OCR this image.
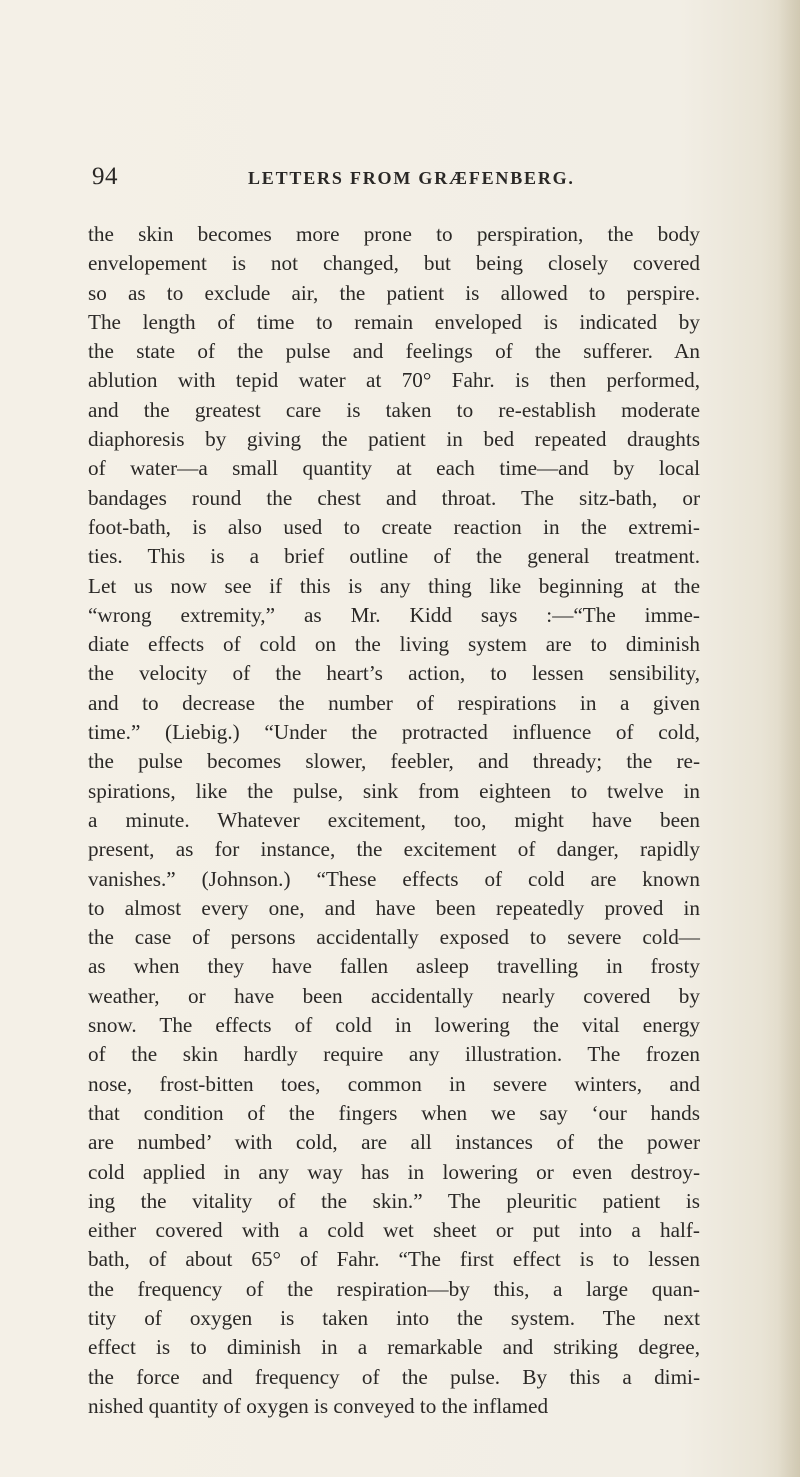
94	LETTERS FROM GRÆFENBERG.
the skin becomes more prone to perspiration, the body
envelopement is not changed, but being closely covered
so as to exclude air, the patient is allowed to perspire.
The length of time to remain enveloped is indicated by
the state of the pulse and feelings of the sufferer. An
ablution with tepid water at 70° Fahr. is then performed,
and the greatest care is taken to re-establish moderate
diaphoresis by giving the patient in bed repeated draughts
of water—a small quantity at each time—and by local
bandages round the chest and throat. The sitz-bath, or
foot-bath, is also used to create reaction in the extremi-
ties. This is a brief outline of the general treatment.
Let us now see if this is any thing like beginning at the
“wrong extremity,” as Mr. Kidd says :—“The imme-
diate effects of cold on the living system are to diminish
the velocity of the heart’s action, to lessen sensibility,
and to decrease the number of respirations in a given
time.” (Liebig.) “Under the protracted influence of cold,
the pulse becomes slower, feebler, and thready; the re-
spirations, like the pulse, sink from eighteen to twelve in
a minute. Whatever excitement, too, might have been
present, as for instance, the excitement of danger, rapidly
vanishes.” (Johnson.) “These effects of cold are known
to almost every one, and have been repeatedly proved in
the case of persons accidentally exposed to severe cold—
as when they have fallen asleep travelling in frosty
weather, or have been accidentally nearly covered by
snow. The effects of cold in lowering the vital energy
of the skin hardly require any illustration. The frozen
nose, frost-bitten toes, common in severe winters, and
that condition of the fingers when we say ‘our hands
are numbed’ with cold, are all instances of the power
cold applied in any way has in lowering or even destroy-
ing the vitality of the skin.” The pleuritic patient is
either covered with a cold wet sheet or put into a half-
bath, of about 65° of Fahr. “The first effect is to lessen
the frequency of the respiration—by this, a large quan-
tity of oxygen is taken into the system. The next
effect is to diminish in a remarkable and striking degree,
the force and frequency of the pulse. By this a dimi-
nished quantity of oxygen is conveyed to the inflamed
